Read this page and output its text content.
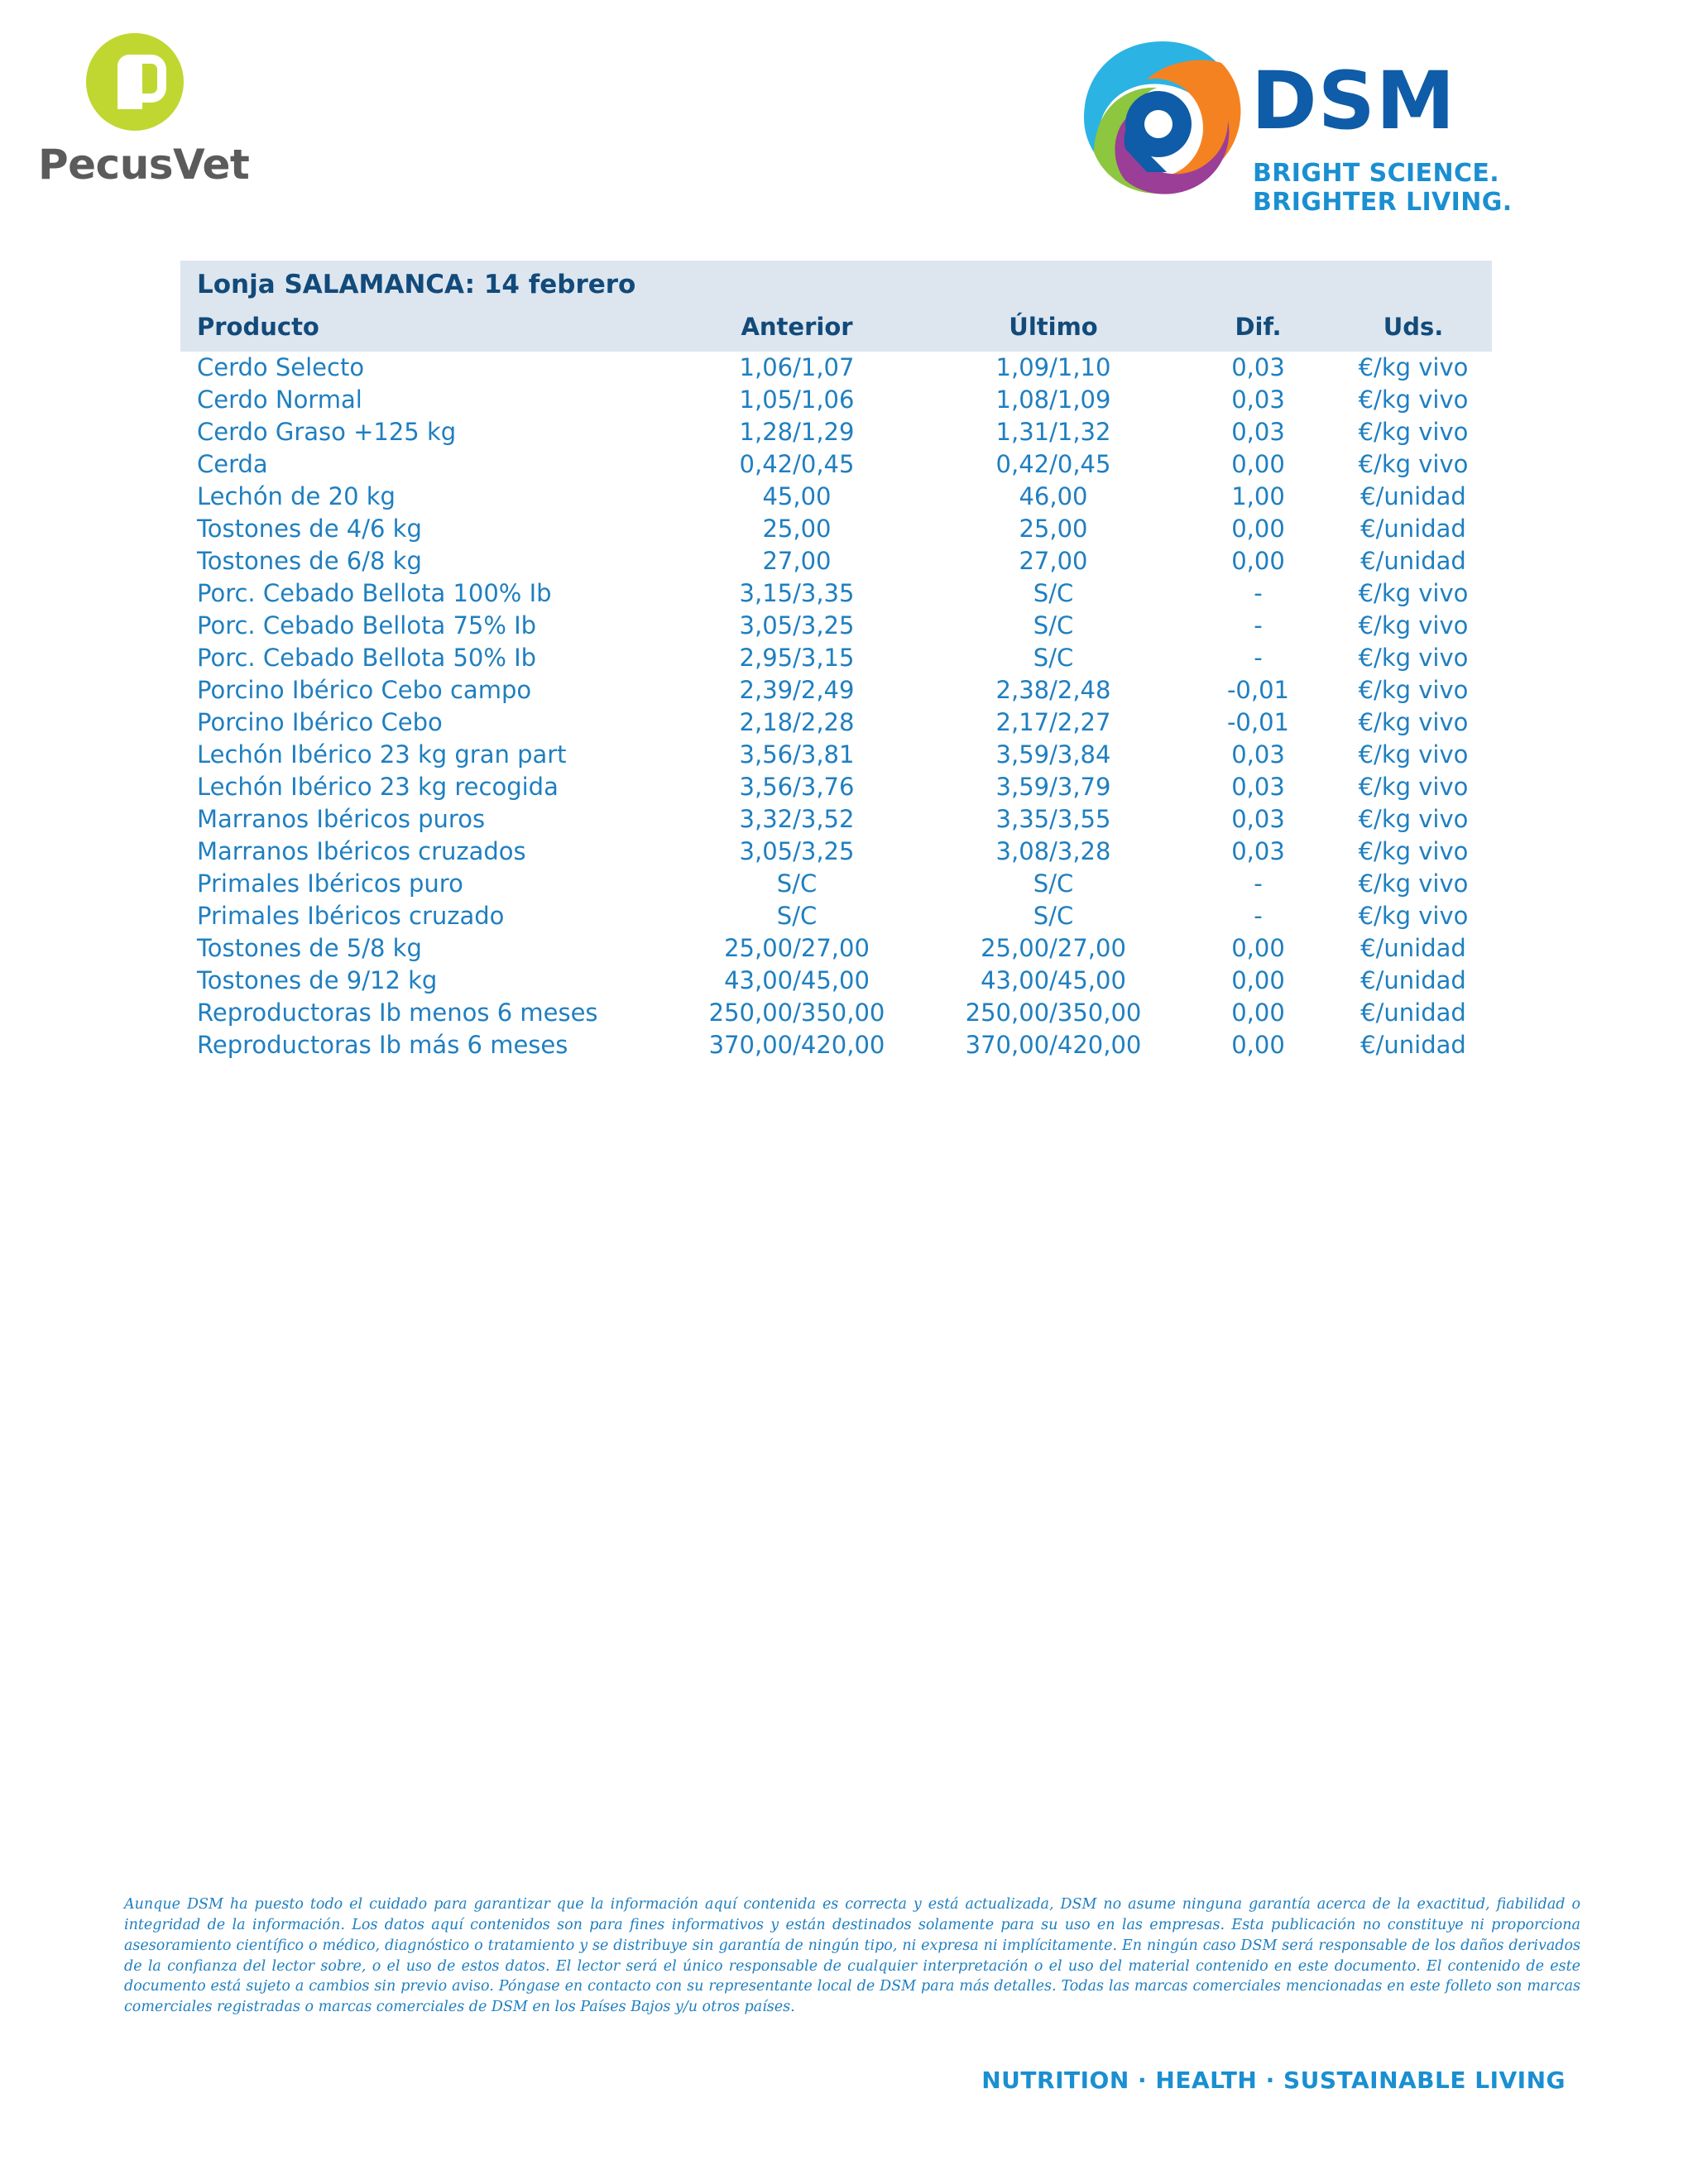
PecusVet
DSM
BRIGHT SCIENCE. BRIGHTER LIVING.
Lonja SALAMANCA: 14 febrero				
Producto	Anterior	Último	Dif.	Uds.
Cerdo Selecto	1,06/1,07	1,09/1,10	0,03	€/kg vivo
Cerdo Normal	1,05/1,06	1,08/1,09	0,03	€/kg vivo
Cerdo Graso +125 kg	1,28/1,29	1,31/1,32	0,03	€/kg vivo
Cerda	0,42/0,45	0,42/0,45	0,00	€/kg vivo
Lechón de 20 kg	45,00	46,00	1,00	€/unidad
Tostones de 4/6 kg	25,00	25,00	0,00	€/unidad
Tostones de 6/8 kg	27,00	27,00	0,00	€/unidad
Porc. Cebado Bellota 100% Ib	3,15/3,35	S/C	-	€/kg vivo
Porc. Cebado Bellota 75% Ib	3,05/3,25	S/C	-	€/kg vivo
Porc. Cebado Bellota 50% Ib	2,95/3,15	S/C	-	€/kg vivo
Porcino Ibérico Cebo campo	2,39/2,49	2,38/2,48	-0,01	€/kg vivo
Porcino Ibérico Cebo	2,18/2,28	2,17/2,27	-0,01	€/kg vivo
Lechón Ibérico 23 kg gran part	3,56/3,81	3,59/3,84	0,03	€/kg vivo
Lechón Ibérico 23 kg recogida	3,56/3,76	3,59/3,79	0,03	€/kg vivo
Marranos Ibéricos puros	3,32/3,52	3,35/3,55	0,03	€/kg vivo
Marranos Ibéricos cruzados	3,05/3,25	3,08/3,28	0,03	€/kg vivo
Primales Ibéricos puro	S/C	S/C	-	€/kg vivo
Primales Ibéricos cruzado	S/C	S/C	-	€/kg vivo
Tostones de 5/8 kg	25,00/27,00	25,00/27,00	0,00	€/unidad
Tostones de 9/12 kg	43,00/45,00	43,00/45,00	0,00	€/unidad
Reproductoras Ib menos 6 meses	250,00/350,00	250,00/350,00	0,00	€/unidad
Reproductoras Ib más 6 meses	370,00/420,00	370,00/420,00	0,00	€/unidad
Aunque DSM ha puesto todo el cuidado para garantizar que la información aquí contenida es correcta y está actualizada, DSM no asume ninguna garantía acerca de la exactitud, fiabilidad o integridad de la información. Los datos aquí contenidos son para fines informativos y están destinados solamente para su uso en las empresas. Esta publicación no constituye ni proporciona asesoramiento científico o médico, diagnóstico o tratamiento y se distribuye sin garantía de ningún tipo, ni expresa ni implícitamente. En ningún caso DSM será responsable de los daños derivados de la confianza del lector sobre, o el uso de estos datos. El lector será el único responsable de cualquier interpretación o el uso del material contenido en este documento. El contenido de este documento está sujeto a cambios sin previo aviso. Póngase en contacto con su representante local de DSM para más detalles. Todas las marcas comerciales mencionadas en este folleto son marcas comerciales registradas o marcas comerciales de DSM en los Países Bajos y/u otros países.
NUTRITION · HEALTH · SUSTAINABLE LIVING
